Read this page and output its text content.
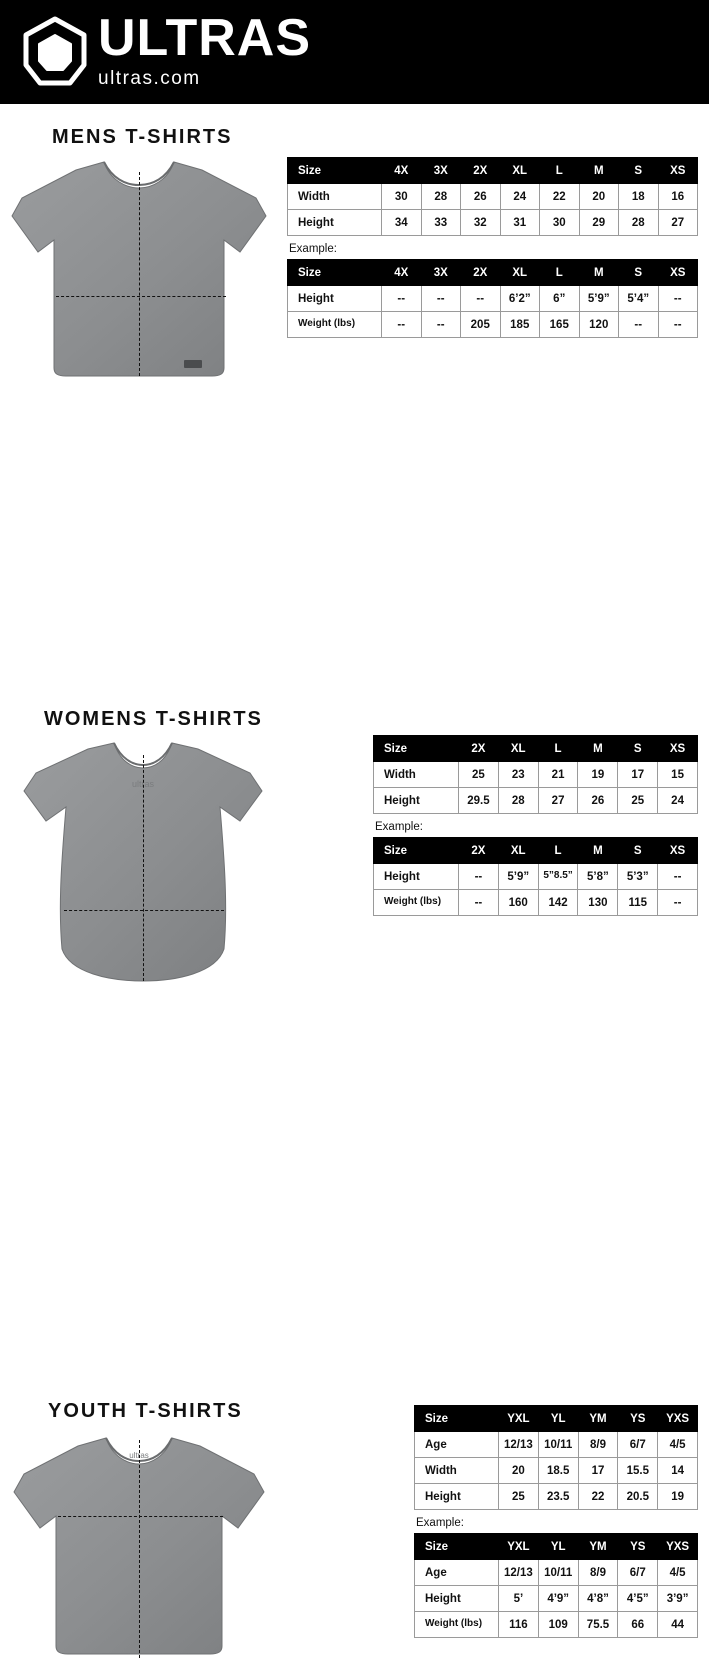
ULTRAS
ultras.com
MENS T-SHIRTS
Size	4X	3X	2X	XL	L	M	S	XS
Width	30	28	26	24	22	20	18	16
Height	34	33	32	31	30	29	28	27
Example:
Size	4X	3X	2X	XL	L	M	S	XS
Height	--	--	--	6’2”	6”	5’9”	5’4”	--
Weight (lbs)	--	--	205	185	165	120	--	--
WOMENS T-SHIRTS
ultras
Size	2X	XL	L	M	S	XS
Width	25	23	21	19	17	15
Height	29.5	28	27	26	25	24
Example:
Size	2X	XL	L	M	S	XS
Height	--	5’9”	5”8.5”	5’8”	5’3”	--
Weight (lbs)	--	160	142	130	115	--
YOUTH T-SHIRTS
ultras
Size	YXL	YL	YM	YS	YXS
Age	12/13	10/11	8/9	6/7	4/5
Width	20	18.5	17	15.5	14
Height	25	23.5	22	20.5	19
Example:
Size	YXL	YL	YM	YS	YXS
Age	12/13	10/11	8/9	6/7	4/5
Height	5’	4’9”	4’8”	4’5”	3’9”
Weight (lbs)	116	109	75.5	66	44
